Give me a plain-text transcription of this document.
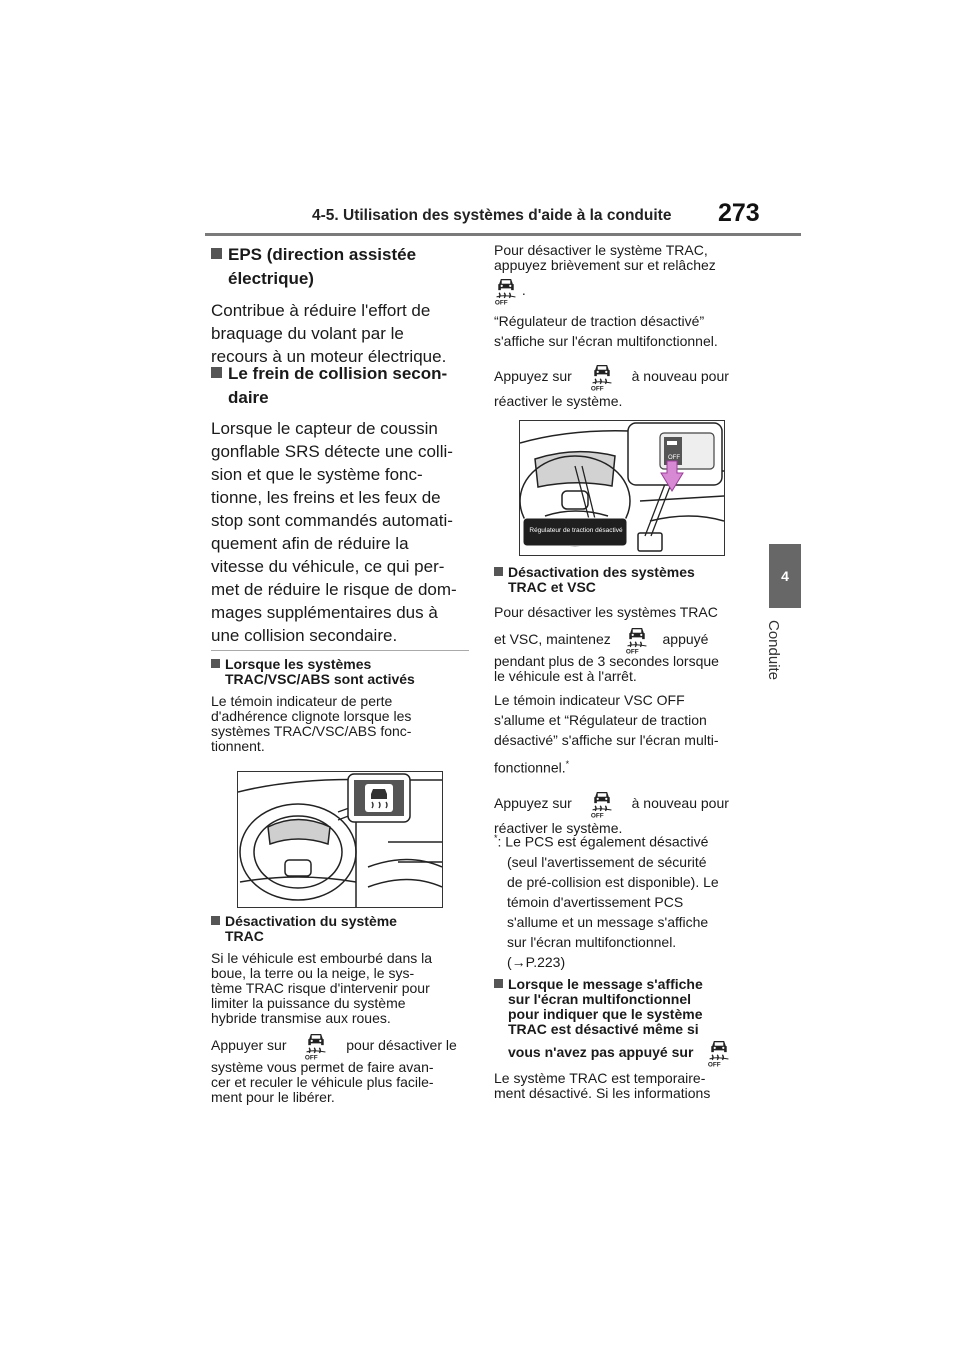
4-5. Utilisation des systèmes d'aide à la conduite 273
4
Conduite
EPS (direction assistée
électrique)
Contribue à réduire l'effort de
braquage du volant par le
recours à un moteur électrique.
Le frein de collision secon-
daire
Lorsque le capteur de coussin
gonflable SRS détecte une colli-
sion et que le système fonc-
tionne, les freins et les feux de
stop sont commandés automati-
quement afin de réduire la
vitesse du véhicule, ce qui per-
met de réduire le risque de dom-
mages supplémentaires dus à
une collision secondaire.
Lorsque les systèmes
TRAC/VSC/ABS sont activés
Le témoin indicateur de perte
d'adhérence clignote lorsque les
systèmes TRAC/VSC/ABS fonc-
tionnent.
Désactivation du système
TRAC
Si le véhicule est embourbé dans la
boue, la terre ou la neige, le sys-
tème TRAC risque d'intervenir pour
limiter la puissance du système
hybride transmise aux roues.
Appuyer sur	pour désactiver le
système vous permet de faire avan-
cer et reculer le véhicule plus facile-
ment pour le libérer.
Pour désactiver le système TRAC,
appuyez brièvement sur et relâchez
.
“Régulateur de traction désactivé”
s'affiche sur l'écran multifonctionnel.
Appuyez sur	à nouveau pour
réactiver le système.
OFF
Régulateur de traction désactivé
Désactivation des systèmes
TRAC et VSC
Pour désactiver les systèmes TRAC
et VSC, maintenez	appuyé
pendant plus de 3 secondes lorsque
le véhicule est à l'arrêt.
Le témoin indicateur VSC OFF
s'allume et “Régulateur de traction
désactivé” s'affiche sur l'écran multi-
fonctionnel.*
Appuyez sur	à nouveau pour
réactiver le système.
*: Le PCS est également désactivé
(seul l'avertissement de sécurité
de pré-collision est disponible). Le
témoin d'avertissement PCS
s'allume et un message s'affiche
sur l'écran multifonctionnel.
(→P.223)
Lorsque le message s'affiche
sur l'écran multifonctionnel
pour indiquer que le système
TRAC est désactivé même si
vous n'avez pas appuyé sur
Le système TRAC est temporaire-
ment désactivé. Si les informations
